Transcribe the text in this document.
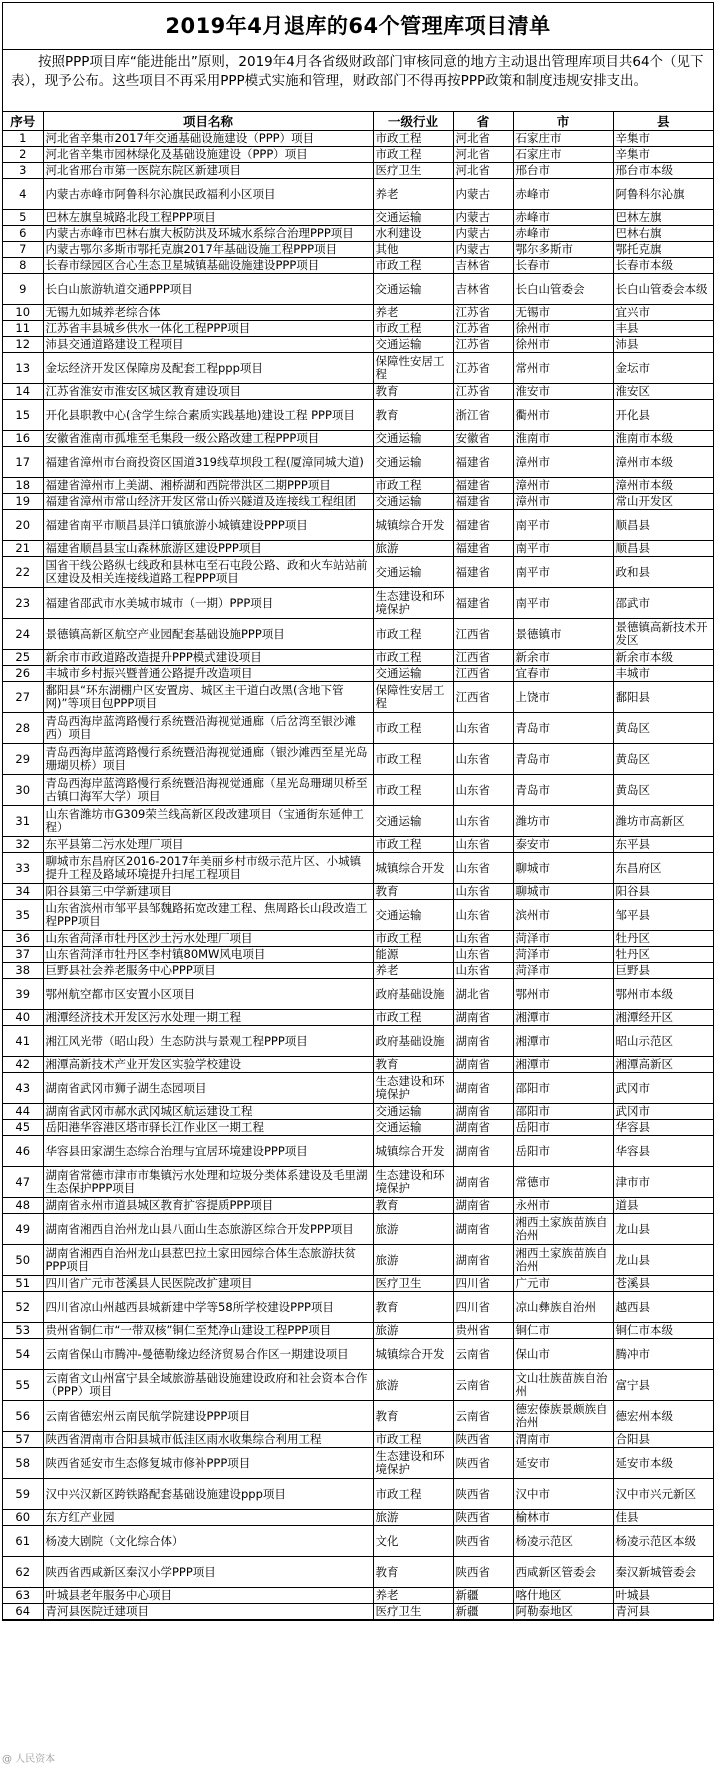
2019年4月退库的64个管理库项目清单
按照PPP项目库“能进能出”原则，2019年4月各省级财政部门审核同意的地方主动退出管理库项目共64个（见下表），现予公布。这些项目不再采用PPP模式实施和管理，财政部门不得再按PPP政策和制度违规安排支出。
序号	项目名称	一级行业	省	市	县
1	河北省辛集市2017年交通基础设施建设（PPP）项目	市政工程	河北省	石家庄市	辛集市
2	河北省辛集市园林绿化及基础设施建设（PPP）项目	市政工程	河北省	石家庄市	辛集市
3	河北省邢台市第一医院东院区新建项目	医疗卫生	河北省	邢台市	邢台市本级
4	内蒙古赤峰市阿鲁科尔沁旗民政福利小区项目	养老	内蒙古	赤峰市	阿鲁科尔沁旗
5	巴林左旗皇城路北段工程PPP项目	交通运输	内蒙古	赤峰市	巴林左旗
6	内蒙古赤峰市巴林右旗大板防洪及环城水系综合治理PPP项目	水利建设	内蒙古	赤峰市	巴林右旗
7	内蒙古鄂尔多斯市鄂托克旗2017年基础设施工程PPP项目	其他	内蒙古	鄂尔多斯市	鄂托克旗
8	长春市绿园区合心生态卫星城镇基础设施建设PPP项目	市政工程	吉林省	长春市	长春市本级
9	长白山旅游轨道交通PPP项目	交通运输	吉林省	长白山管委会	长白山管委会本级
10	无锡九如城养老综合体	养老	江苏省	无锡市	宜兴市
11	江苏省丰县城乡供水一体化工程PPP项目	市政工程	江苏省	徐州市	丰县
12	沛县交通道路建设工程项目	交通运输	江苏省	徐州市	沛县
13	金坛经济开发区保障房及配套工程ppp项目	保障性安居工程	江苏省	常州市	金坛市
14	江苏省淮安市淮安区城区教育建设项目	教育	江苏省	淮安市	淮安区
15	开化县职教中心(含学生综合素质实践基地)建设工程 PPP项目	教育	浙江省	衢州市	开化县
16	安徽省淮南市孤堆至毛集段一级公路改建工程PPP项目	交通运输	安徽省	淮南市	淮南市本级
17	福建省漳州市台商投资区国道319线草坝段工程(厦漳同城大道)	交通运输	福建省	漳州市	漳州市本级
18	福建省漳州市上美湖、湘桥湖和西院带洪区二期PPP项目	市政工程	福建省	漳州市	漳州市本级
19	福建省漳州市常山经济开发区常山侨兴隧道及连接线工程组团	交通运输	福建省	漳州市	常山开发区
20	福建省南平市顺昌县洋口镇旅游小城镇建设PPP项目	城镇综合开发	福建省	南平市	顺昌县
21	福建省顺昌县宝山森林旅游区建设PPP项目	旅游	福建省	南平市	顺昌县
22	国省干线公路纵七线政和县林屯至石屯段公路、政和火车站站前区建设及相关连接线道路工程PPP项目	交通运输	福建省	南平市	政和县
23	福建省邵武市水美城市城市（一期）PPP项目	生态建设和环境保护	福建省	南平市	邵武市
24	景德镇高新区航空产业园配套基础设施PPP项目	市政工程	江西省	景德镇市	景德镇高新技术开发区
25	新余市市政道路改造提升PPP模式建设项目	市政工程	江西省	新余市	新余市本级
26	丰城市乡村振兴暨普通公路提升改造项目	交通运输	江西省	宜春市	丰城市
27	鄱阳县“环东湖棚户区安置房、城区主干道白改黑(含地下管网)”等项目包PPP项目	保障性安居工程	江西省	上饶市	鄱阳县
28	青岛西海岸蓝湾路慢行系统暨沿海视觉通廊（后岔湾至银沙滩西）项目	市政工程	山东省	青岛市	黄岛区
29	青岛西海岸蓝湾路慢行系统暨沿海视觉通廊（银沙滩西至星光岛珊瑚贝桥）项目	市政工程	山东省	青岛市	黄岛区
30	青岛西海岸蓝湾路慢行系统暨沿海视觉通廊（星光岛珊瑚贝桥至古镇口海军大学）项目	市政工程	山东省	青岛市	黄岛区
31	山东省潍坊市G309荣兰线高新区段改建项目（宝通街东延伸工程）	交通运输	山东省	潍坊市	潍坊市高新区
32	东平县第二污水处理厂项目	市政工程	山东省	泰安市	东平县
33	聊城市东昌府区2016-2017年美丽乡村市级示范片区、小城镇提升工程及路域环境提升扫尾工程项目	城镇综合开发	山东省	聊城市	东昌府区
34	阳谷县第三中学新建项目	教育	山东省	聊城市	阳谷县
35	山东省滨州市邹平县邹魏路拓宽改建工程、焦周路长山段改造工程PPP项目	交通运输	山东省	滨州市	邹平县
36	山东省菏泽市牡丹区沙土污水处理厂项目	市政工程	山东省	菏泽市	牡丹区
37	山东省菏泽市牡丹区李村镇80MW风电项目	能源	山东省	菏泽市	牡丹区
38	巨野县社会养老服务中心PPP项目	养老	山东省	菏泽市	巨野县
39	鄂州航空都市区安置小区项目	政府基础设施	湖北省	鄂州市	鄂州市本级
40	湘潭经济技术开发区污水处理一期工程	市政工程	湖南省	湘潭市	湘潭经开区
41	湘江风光带（昭山段）生态防洪与景观工程PPP项目	政府基础设施	湖南省	湘潭市	昭山示范区
42	湘潭高新技术产业开发区实验学校建设	教育	湖南省	湘潭市	湘潭高新区
43	湖南省武冈市狮子湖生态园项目	生态建设和环境保护	湖南省	邵阳市	武冈市
44	湖南省武冈市郝水武冈城区航运建设工程	交通运输	湖南省	邵阳市	武冈市
45	岳阳港华容港区塔市驿长江作业区一期工程	交通运输	湖南省	岳阳市	华容县
46	华容县田家湖生态综合治理与宜居环境建设PPP项目	城镇综合开发	湖南省	岳阳市	华容县
47	湖南省常德市津市市集镇污水处理和垃圾分类体系建设及毛里湖生态保护PPP项目	生态建设和环境保护	湖南省	常德市	津市市
48	湖南省永州市道县城区教育扩容提质PPP项目	教育	湖南省	永州市	道县
49	湖南省湘西自治州龙山县八面山生态旅游区综合开发PPP项目	旅游	湖南省	湘西土家族苗族自治州	龙山县
50	湖南省湘西自治州龙山县惹巴拉土家田园综合体生态旅游扶贫PPP项目	旅游	湖南省	湘西土家族苗族自治州	龙山县
51	四川省广元市苍溪县人民医院改扩建项目	医疗卫生	四川省	广元市	苍溪县
52	四川省凉山州越西县城新建中学等58所学校建设PPP项目	教育	四川省	凉山彝族自治州	越西县
53	贵州省铜仁市“一带双核”铜仁至梵净山建设工程PPP项目	旅游	贵州省	铜仁市	铜仁市本级
54	云南省保山市腾冲-曼德勒缘边经济贸易合作区一期建设项目	城镇综合开发	云南省	保山市	腾冲市
55	云南省文山州富宁县全域旅游基础设施建设政府和社会资本合作（PPP）项目	旅游	云南省	文山壮族苗族自治州	富宁县
56	云南省德宏州云南民航学院建设PPP项目	教育	云南省	德宏傣族景颇族自治州	德宏州本级
57	陕西省渭南市合阳县城市低洼区雨水收集综合利用工程	市政工程	陕西省	渭南市	合阳县
58	陕西省延安市生态修复城市修补PPP项目	生态建设和环境保护	陕西省	延安市	延安市本级
59	汉中兴汉新区跨铁路配套基础设施建设ppp项目	市政工程	陕西省	汉中市	汉中市兴元新区
60	东方红产业园	旅游	陕西省	榆林市	佳县
61	杨凌大剧院（文化综合体）	文化	陕西省	杨凌示范区	杨凌示范区本级
62	陕西省西咸新区秦汉小学PPP项目	教育	陕西省	西咸新区管委会	秦汉新城管委会
63	叶城县老年服务中心项目	养老	新疆	喀什地区	叶城县
64	青河县医院迁建项目	医疗卫生	新疆	阿勒泰地区	青河县
@ 人民资本
